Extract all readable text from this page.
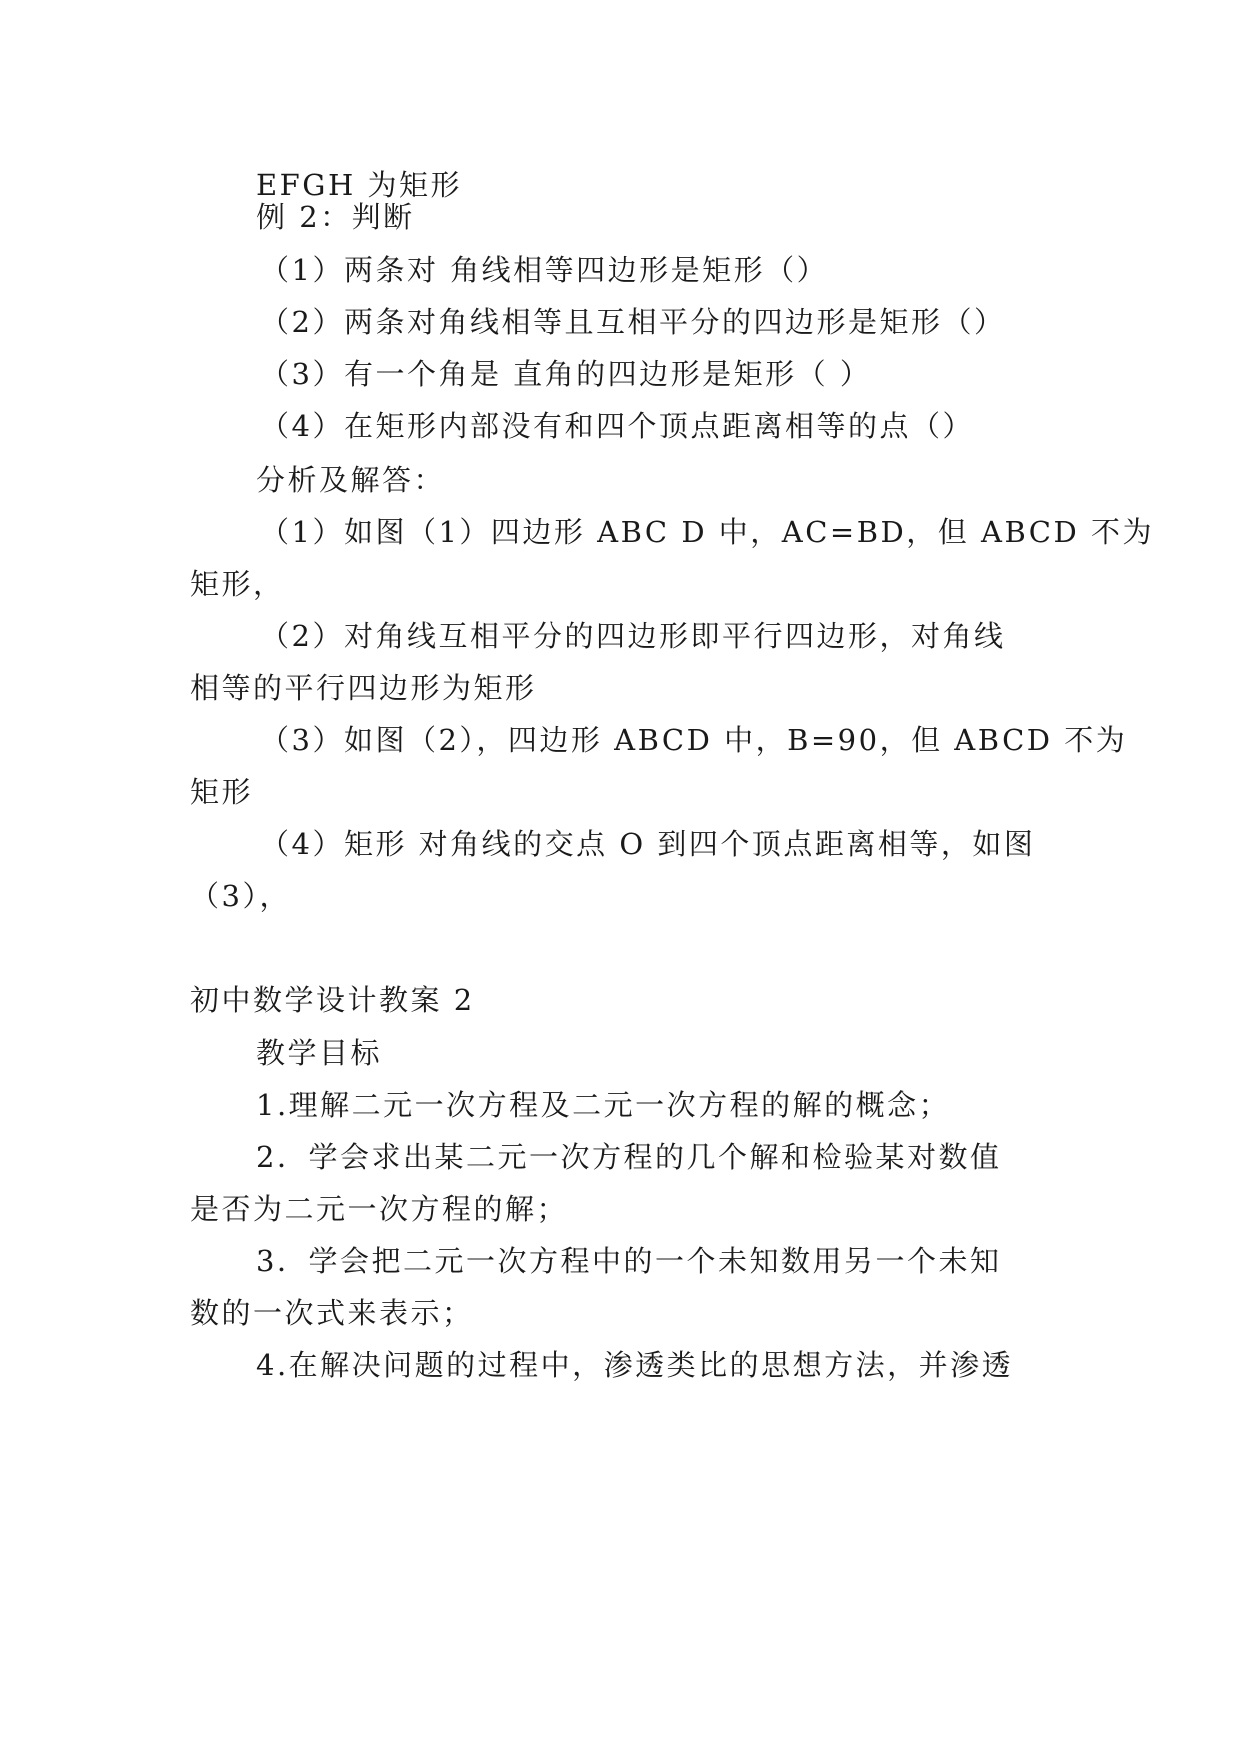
EFGH 为矩形
例 2：判断
（1）两条对 角线相等四边形是矩形（）
（2）两条对角线相等且互相平分的四边形是矩形（）
（3）有一个角是 直角的四边形是矩形（ ）
（4）在矩形内部没有和四个顶点距离相等的点（）
分析及解答：
（1）如图（1）四边形 ABC D 中，AC=BD，但 ABCD 不为
矩形，
（2）对角线互相平分的四边形即平行四边形，对角线
相等的平行四边形为矩形
（3）如图（2），四边形 ABCD 中，B=90，但 ABCD 不为
矩形
（4）矩形 对角线的交点 O 到四个顶点距离相等，如图
（3），
初中数学设计教案 2
教学目标
1.理解二元一次方程及二元一次方程的解的概念；
2．学会求出某二元一次方程的几个解和检验某对数值
是否为二元一次方程的解；
3．学会把二元一次方程中的一个未知数用另一个未知
数的一次式来表示；
4.在解决问题的过程中，渗透类比的思想方法，并渗透
